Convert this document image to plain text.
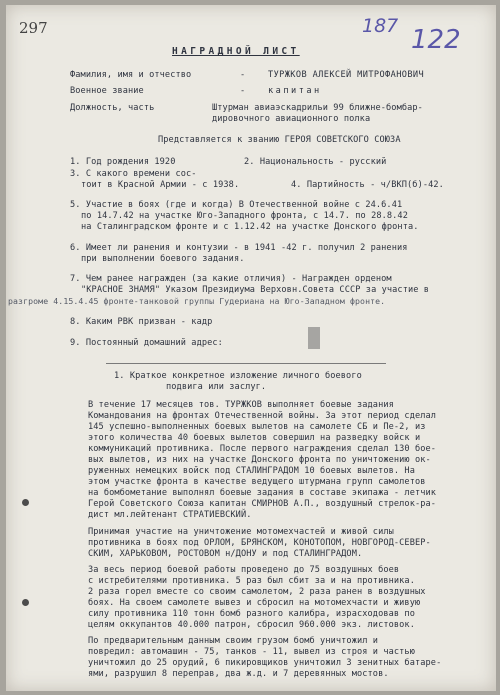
297	187 122
НАГРАДНОЙ ЛИСТ
Фамилия, имя и отчество	-	ТУРЖКОВ АЛЕКСЕЙ МИТРОФАНОВИЧ
Военное звание	-	капитан
Должность, часть	Штурман авиаэскадрильи 99 ближне-бомбар-
дировочного авиационного полка
Представляется к званию ГЕРОЯ СОВЕТСКОГО СОЮЗА
1. Год рождения 1920	2. Национальность - русский
3. С какого времени сос-
тоит в Красной Армии - с 1938.	4. Партийность - ч/ВКП(б)-42.
5. Участие в боях (где и когда) В Отечественной войне с 24.6.41
по 14.7.42 на участке Юго-Западного фронта, с 14.7. по 28.8.42
на Сталинградском фронте и с 1.12.42 на участке Донского фронта.
6. Имеет ли ранения и контузии - в 1941 -42 г. получил 2 ранения
при выполнении боевого задания.
7. Чем ранее награжден (за какие отличия) - Награжден орденом
"КРАСНОЕ ЗНАМЯ" Указом Президиума Верховн.Совета СССР за участие в
разгроме 4.15.4.45 фронте-танковой группы Гудериана на Юго-Западном фронте.
8. Каким РВК призван - кадр
9. Постоянный домашний адрес:
1. Краткое конкретное изложение личного боевого
подвига или заслуг.

В течение 17 месяцев тов. ТУРЖКОВ выполняет боевые задания

Командования на фронтах Отечественной войны. За этот период сделал

145 успешно-выполненных боевых вылетов на самолете СБ и Пе-2, из

этого количества 40 боевых вылетов совершил на разведку войск и

коммуникаций противника. После первого награждения сделал 130 бое-

вых вылетов, из них на участке Донского фронта по уничтожению ок-

руженных немецких войск под СТАЛИНГРАДОМ 10 боевых вылетов. На

этом участке фронта в качестве ведущего штурмана групп самолетов

на бомбометание выполнял боевые задания в составе экипажа - летчик

Герой Советского Союза капитан СМИРНОВ А.П., воздушный стрелок-ра-

дист мл.лейтенант СТРАТИЕВСКИЙ.

Принимая участие на уничтожение мотомехчастей и живой силы

противника в боях под ОРЛОМ, БРЯНСКОМ, КОНОТОПОМ, НОВГОРОД-СЕВЕР-

СКИМ, ХАРЬКОВОМ, РОСТОВОМ н/ДОНУ и под СТАЛИНГРАДОМ.

За весь период боевой работы проведено до 75 воздушных боев

с истребителями противника. 5 раз был сбит за и на противника.

2 раза горел вместе со своим самолетом, 2 раза ранен в воздушных

боях. На своем самолете вывез и сбросил на мотомехчасти и живую

силу противника 110 тонн бомб разного калибра, израсходовав по

целям оккупантов 40.000 патрон, сбросил 960.000 экз. листовок.

По предварительным данным своим грузом бомб уничтожил и

повредил: автомашин - 75, танков - 11, вывел из строя и частью

уничтожил до 25 орудий, 6 пикировщиков уничтожил 3 зенитных батаре-

ями, разрушил 8 переправ, два ж.д. и 7 деревянных мостов.
